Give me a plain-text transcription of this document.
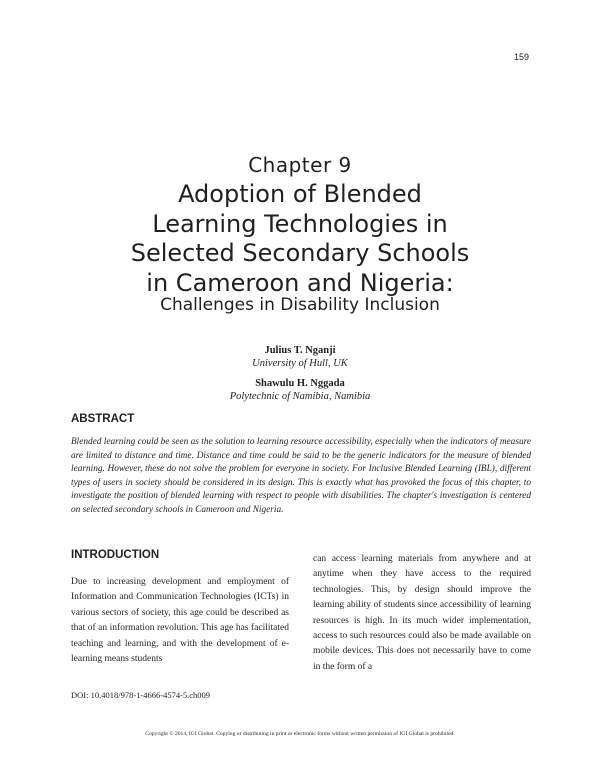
159
Chapter 9
Adoption of Blended
Learning Technologies in
Selected Secondary Schools
in Cameroon and Nigeria:
Challenges in Disability Inclusion
Julius T. Nganji
University of Hull, UK
Shawulu H. Nggada
Polytechnic of Namibia, Namibia
ABSTRACT

Blended learning could be seen as the solution to learning resource accessibility, especially when the indicators of measure are limited to distance and time. Distance and time could be said to be the generic indicators for the measure of blended learning. However, these do not solve the problem for everyone in society. For Inclusive Blended Learning (IBL), different types of users in society should be considered in its design. This is exactly what has provoked the focus of this chapter, to investigate the position of blended learning with respect to people with disabilities. The chapter's investigation is centered on selected secondary schools in Cameroon and Nigeria.

INTRODUCTION

Due to increasing development and employment of Information and Communication Technologies (ICTs) in various sectors of society, this age could be described as that of an information revolution. This age has facilitated teaching and learning, and with the development of e-learning means students

can access learning materials from anywhere and at anytime when they have access to the required technologies. This, by design should improve the learning ability of students since accessibility of learning resources is high. In its much wider implementation, access to such resources could also be made available on mobile devices. This does not necessarily have to come in the form of a

DOI: 10.4018/978-1-4666-4574-5.ch009
Copyright © 2014, IGI Global. Copying or distributing in print or electronic forms without written permission of IGI Global is prohibited.
